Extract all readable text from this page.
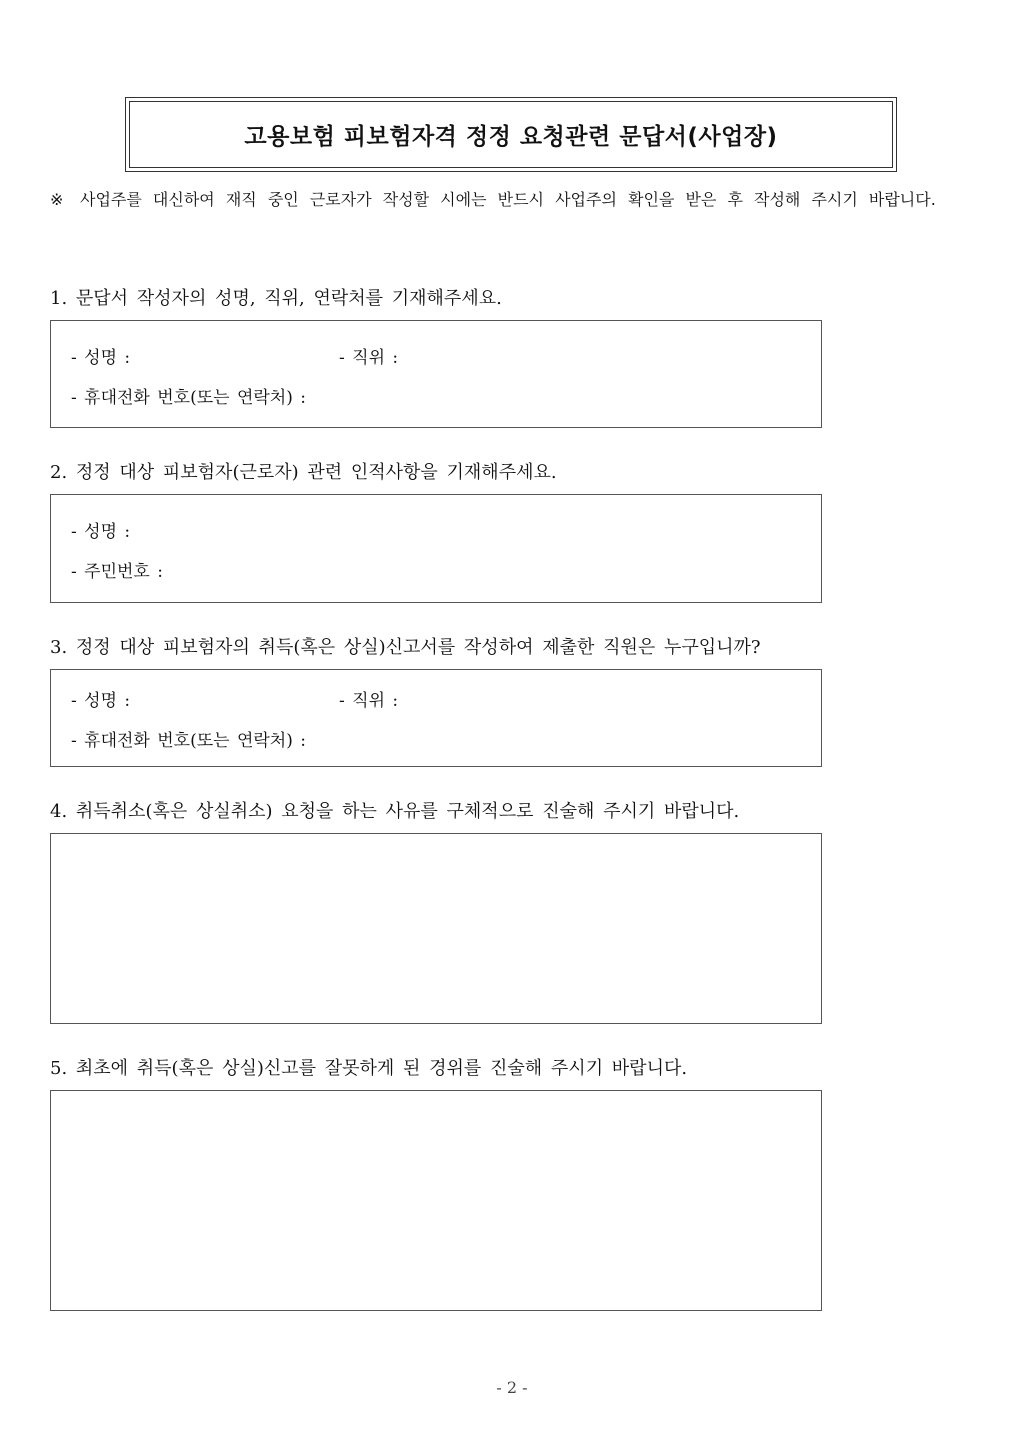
고용보험 피보험자격 정정 요청관련 문답서(사업장)
※	사업주를 대신하여 재직 중인 근로자가 작성할 시에는 반드시 사업주의 확인을 받은 후 작성해 주시기 바랍니다.
1. 문답서 작성자의 성명, 직위, 연락처를 기재해주세요.
- 성명 :	- 직위 :
- 휴대전화 번호(또는 연락처) :
2. 정정 대상 피보험자(근로자) 관련 인적사항을 기재해주세요.
- 성명 :
- 주민번호 :
3. 정정 대상 피보험자의 취득(혹은 상실)신고서를 작성하여 제출한 직원은 누구입니까?
- 성명 :	- 직위 :
- 휴대전화 번호(또는 연락처) :
4. 취득취소(혹은 상실취소) 요청을 하는 사유를 구체적으로 진술해 주시기 바랍니다.
5. 최초에 취득(혹은 상실)신고를 잘못하게 된 경위를 진술해 주시기 바랍니다.
- 2 -
